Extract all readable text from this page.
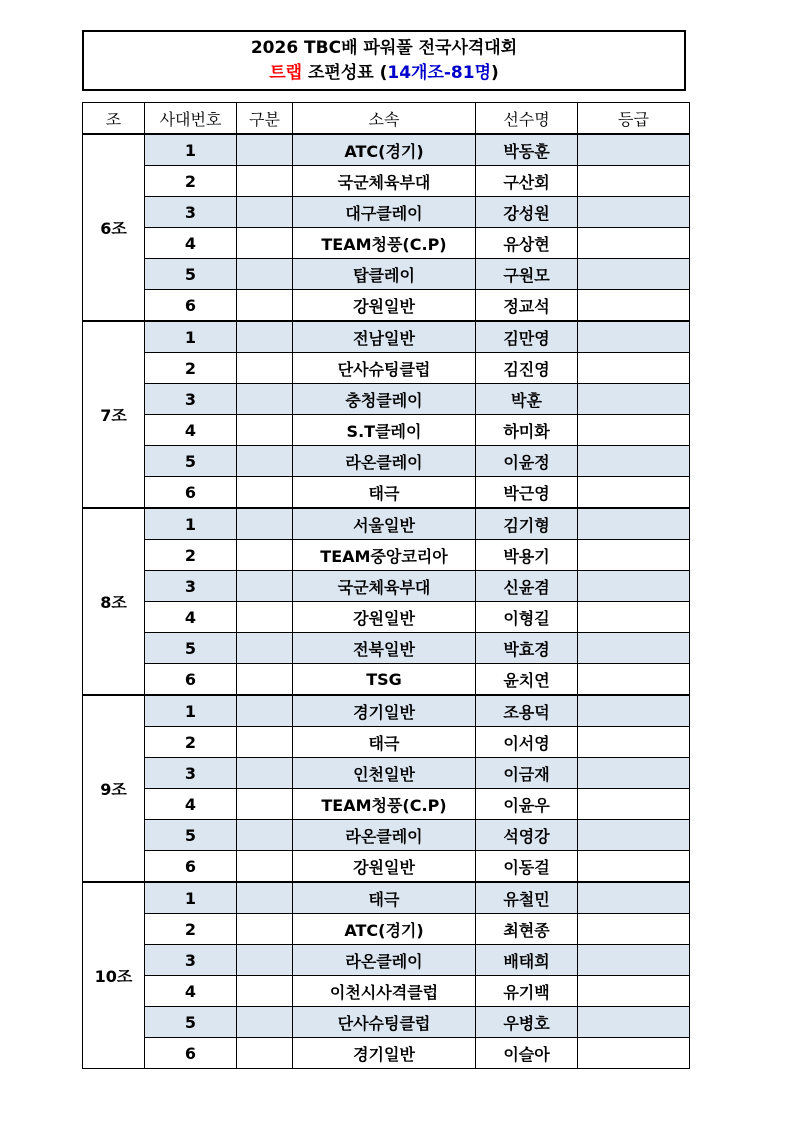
2026 TBC배 파워풀 전국사격대회
트랩 조편성표 (14개조-81명)
조	사대번호	구분	소속	선수명	등급
6조	1		ATC(경기)	박동훈	
	2		국군체육부대	구산회	
	3		대구클레이	강성원	
	4		TEAM청풍(C.P)	유상현	
	5		탑클레이	구원모	
	6		강원일반	정교석	
7조	1		전남일반	김만영	
	2		단사슈팅클럽	김진영	
	3		충청클레이	박훈	
	4		S.T클레이	하미화	
	5		라온클레이	이윤정	
	6		태극	박근영	
8조	1		서울일반	김기형	
	2		TEAM중앙코리아	박용기	
	3		국군체육부대	신윤겸	
	4		강원일반	이형길	
	5		전북일반	박효경	
	6		TSG	윤치연	
9조	1		경기일반	조용덕	
	2		태극	이서영	
	3		인천일반	이금재	
	4		TEAM청풍(C.P)	이윤우	
	5		라온클레이	석영강	
	6		강원일반	이동걸	
10조	1		태극	유철민	
	2		ATC(경기)	최현종	
	3		라온클레이	배태희	
	4		이천시사격클럽	유기백	
	5		단사슈팅클럽	우병호	
	6		경기일반	이슬아	
